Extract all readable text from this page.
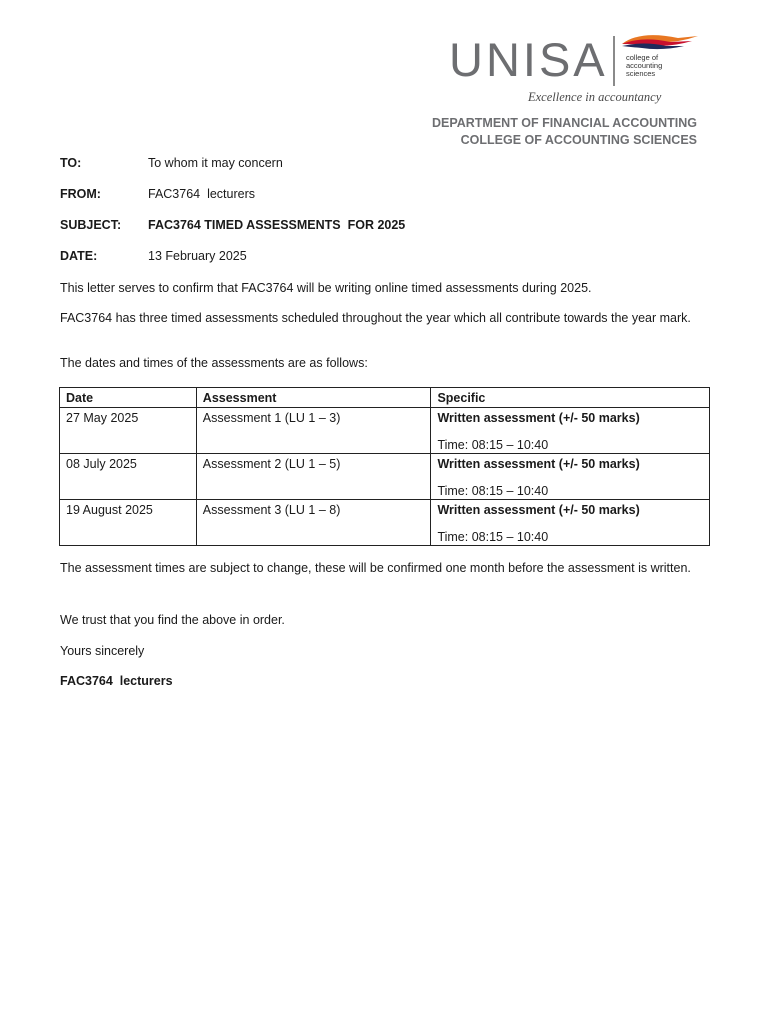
UNISA college of
accounting
sciences
Excellence in accountancy
DEPARTMENT OF FINANCIAL ACCOUNTING
COLLEGE OF ACCOUNTING SCIENCES
TO:	To whom it may concern
FROM:	FAC3764  lecturers
SUBJECT: FAC3764 TIMED ASSESSMENTS  FOR 2025
DATE:	13 February 2025
This letter serves to confirm that FAC3764 will be writing online timed assessments during 2025.
FAC3764 has three timed assessments scheduled throughout the year which all contribute towards the year mark.
The dates and times of the assessments are as follows:
Date	Assessment	Specific
27 May 2025	Assessment 1 (LU 1 – 3)	Written assessment (+/- 50 marks)
Time: 08:15 – 10:40

08 July 2025	Assessment 2 (LU 1 – 5)	Written assessment (+/- 50 marks)
Time: 08:15 – 10:40

19 August 2025	Assessment 3 (LU 1 – 8)	Written assessment (+/- 50 marks)
Time: 08:15 – 10:40
The assessment times are subject to change, these will be confirmed one month before the assessment is written.
We trust that you find the above in order.
Yours sincerely
FAC3764  lecturers
